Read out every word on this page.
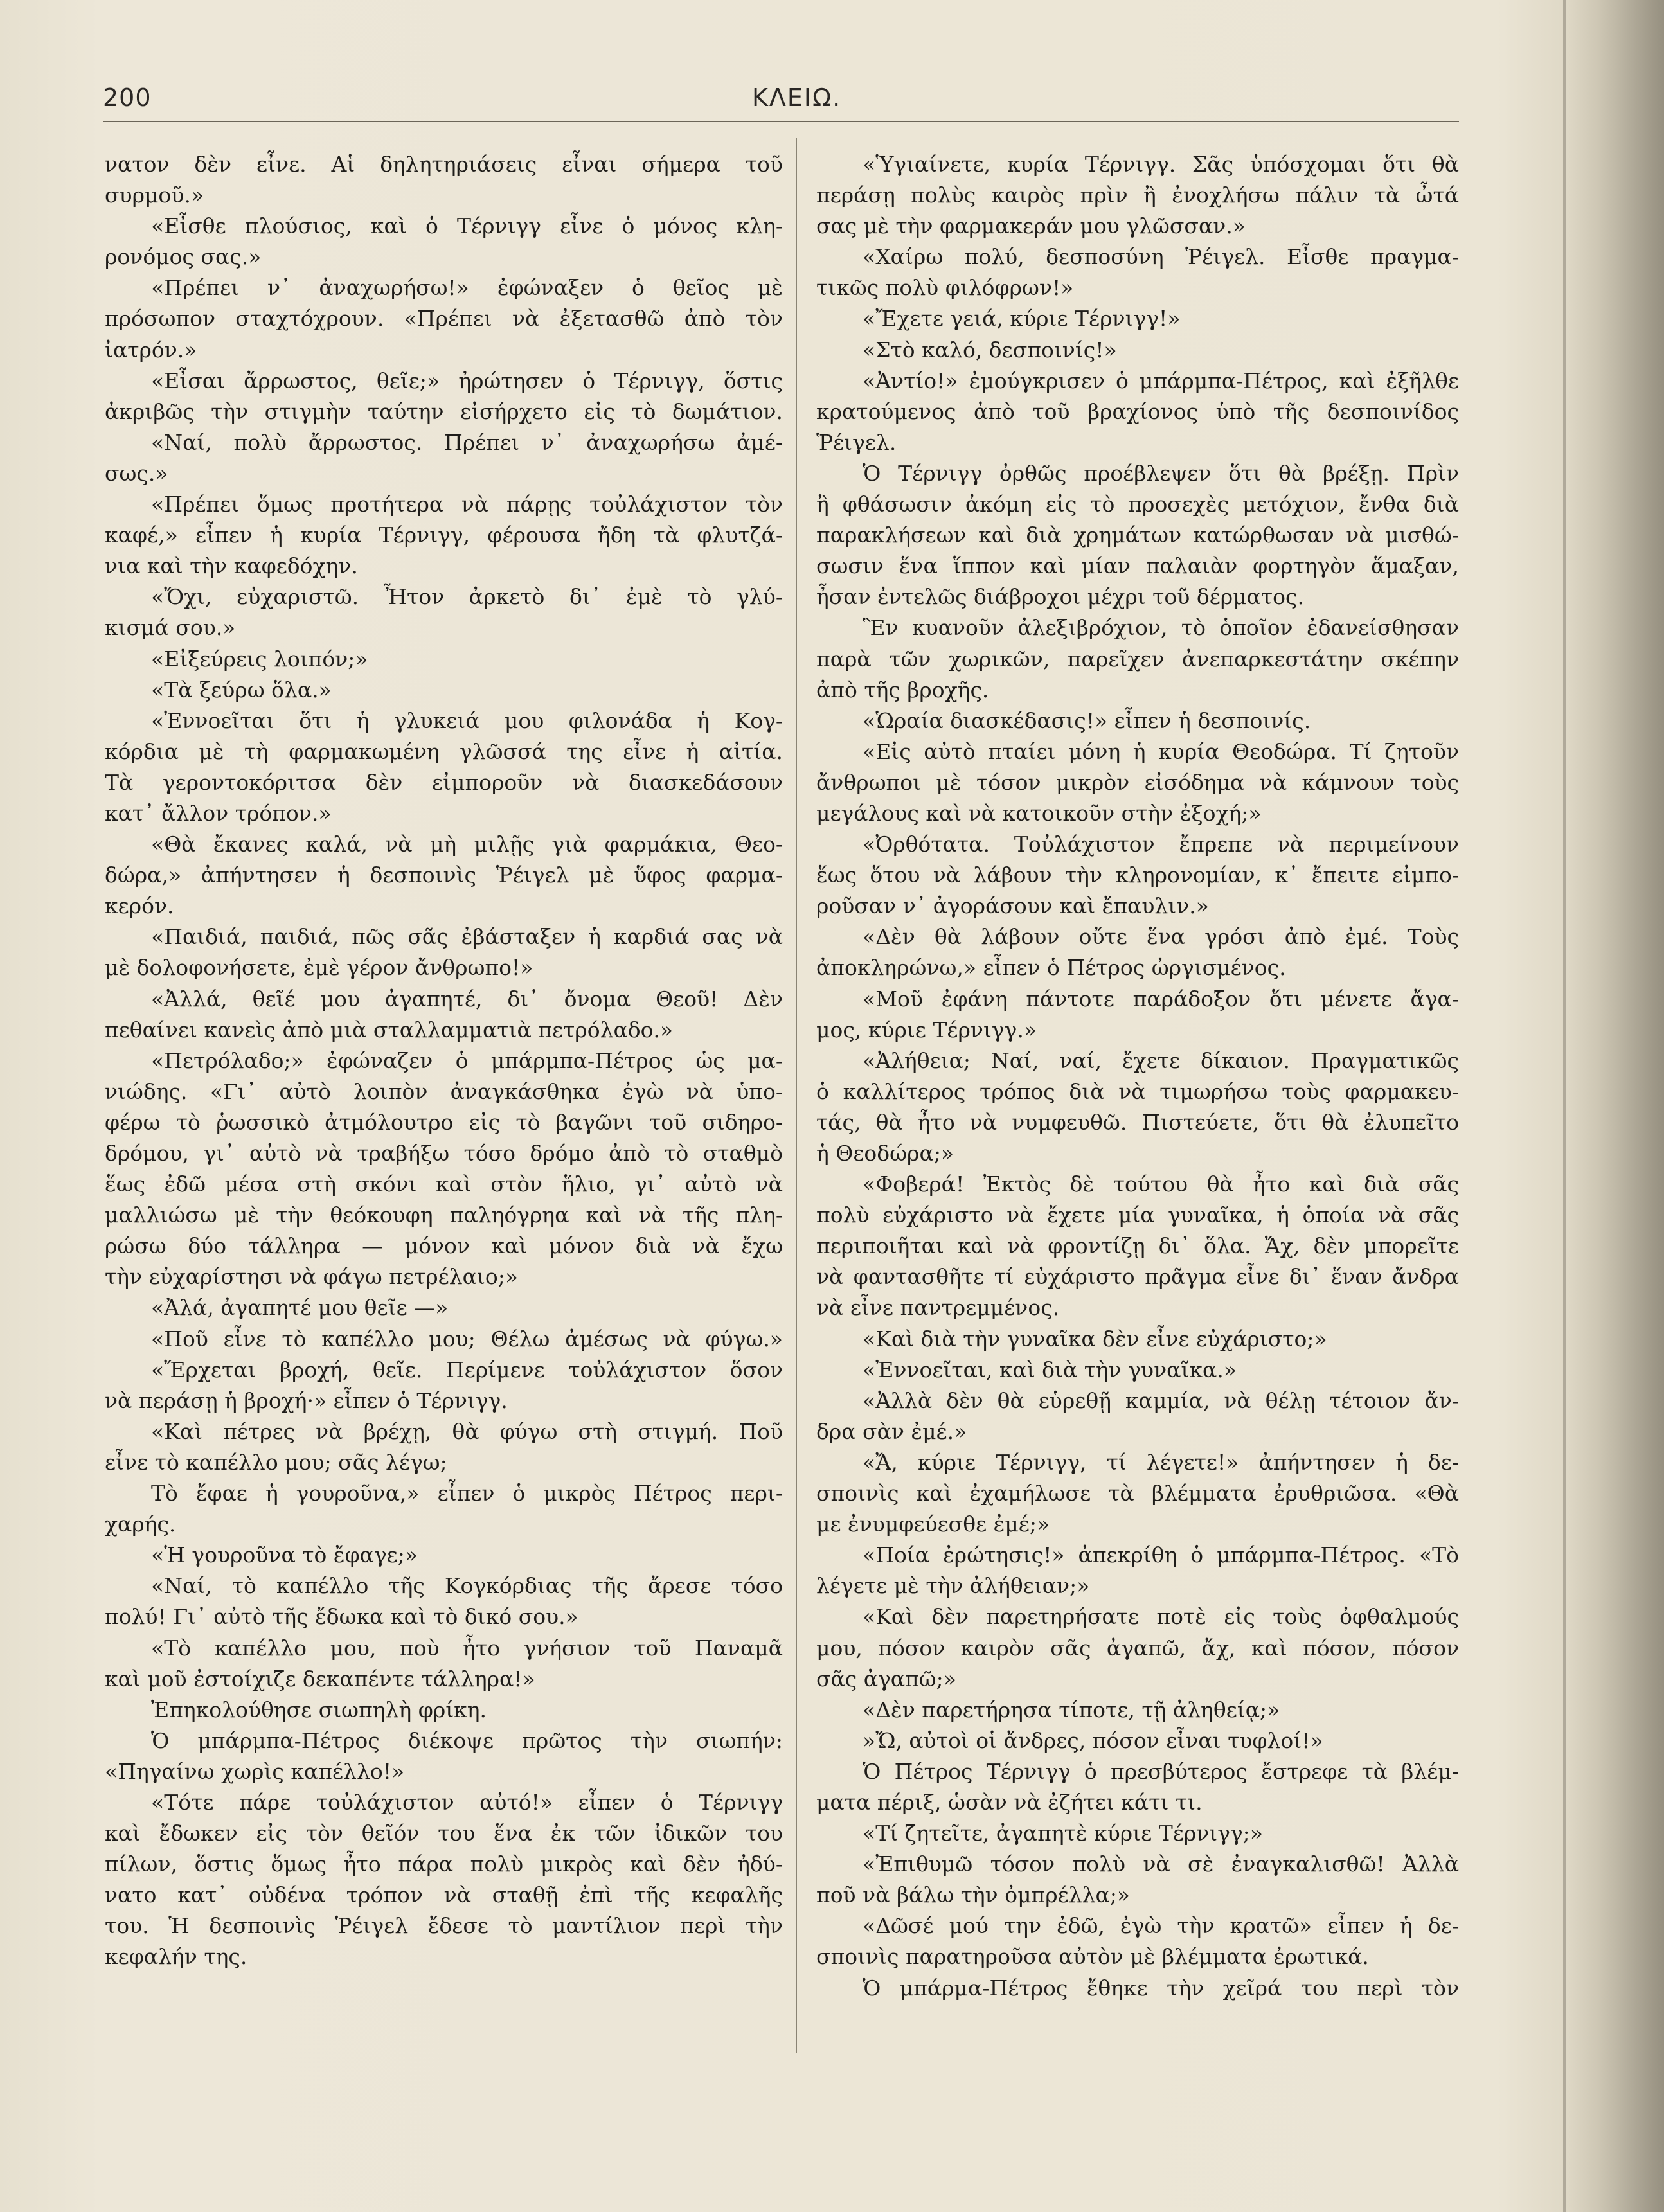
200	ΚΛΕΙΩ.
νατον δὲν εἶνε. Αἱ δηλητηριάσεις εἶναι σήμερα τοῦ
συρμοῦ.»
«Εἶσθε πλούσιος, καὶ ὁ Τέρνιγγ εἶνε ὁ μόνος κλη-
ρονόμος σας.»
«Πρέπει ν᾿ ἀναχωρήσω!» ἐφώναξεν ὁ θεῖος μὲ
πρόσωπον σταχτόχρουν. «Πρέπει νὰ ἐξετασθῶ ἀπὸ τὸν
ἰατρόν.»
«Εἶσαι ἄρρωστος, θεῖε;» ἠρώτησεν ὁ Τέρνιγγ, ὅστις
ἀκριβῶς τὴν στιγμὴν ταύτην εἰσήρχετο εἰς τὸ δωμάτιον.
«Ναί, πολὺ ἄρρωστος. Πρέπει ν᾿ ἀναχωρήσω ἀμέ-
σως.»
«Πρέπει ὅμως προτήτερα νὰ πάρῃς τοὐλάχιστον τὸν
καφέ,» εἶπεν ἡ κυρία Τέρνιγγ, φέρουσα ἤδη τὰ φλυτζά-
νια καὶ τὴν καφεδόχην.
«Ὄχι, εὐχαριστῶ. Ἦτον ἀρκετὸ δι᾿ ἐμὲ τὸ γλύ-
κισμά σου.»
«Εἰξεύρεις λοιπόν;»
«Τὰ ξεύρω ὅλα.»
«Ἐννοεῖται ὅτι ἡ γλυκειά μου φιλονάδα ἡ Κογ-
κόρδια μὲ τὴ φαρμακωμένη γλῶσσά της εἶνε ἡ αἰτία.
Τὰ γεροντοκόριτσα δὲν εἰμποροῦν νὰ διασκεδάσουν
κατ᾿ ἄλλον τρόπον.»
«Θὰ ἔκανες καλά, νὰ μὴ μιλῇς γιὰ φαρμάκια, Θεο-
δώρα,» ἀπήντησεν ἡ δεσποινὶς Ῥέιγελ μὲ ὕφος φαρμα-
κερόν.
«Παιδιά, παιδιά, πῶς σᾶς ἐβάσταξεν ἡ καρδιά σας νὰ
μὲ δολοφονήσετε, ἐμὲ γέρον ἄνθρωπο!»
«Ἀλλά, θεῖέ μου ἀγαπητέ, δι᾿ ὄνομα Θεοῦ! Δὲν
πεθαίνει κανεὶς ἀπὸ μιὰ σταλλαμματιὰ πετρόλαδο.»
«Πετρόλαδο;» ἐφώναζεν ὁ μπάρμπα-Πέτρος ὡς μα-
νιώδης. «Γι᾿ αὐτὸ λοιπὸν ἀναγκάσθηκα ἐγὼ νὰ ὑπο-
φέρω τὸ ῥωσσικὸ ἀτμόλουτρο εἰς τὸ βαγῶνι τοῦ σιδηρο-
δρόμου, γι᾿ αὐτὸ νὰ τραβήξω τόσο δρόμο ἀπὸ τὸ σταθμὸ
ἕως ἐδῶ μέσα στὴ σκόνι καὶ στὸν ἥλιο, γι᾿ αὐτὸ νὰ
μαλλιώσω μὲ τὴν θεόκουφη παληόγρηα καὶ νὰ τῆς πλη-
ρώσω δύο τάλληρα — μόνον καὶ μόνον διὰ νὰ ἔχω
τὴν εὐχαρίστησι νὰ φάγω πετρέλαιο;»
«Ἀλά, ἀγαπητέ μου θεῖε —»
«Ποῦ εἶνε τὸ καπέλλο μου; Θέλω ἀμέσως νὰ φύγω.»
«Ἔρχεται βροχή, θεῖε. Περίμενε τοὐλάχιστον ὅσον
νὰ περάσῃ ἡ βροχή·» εἶπεν ὁ Τέρνιγγ.
«Καὶ πέτρες νὰ βρέχῃ, θὰ φύγω στὴ στιγμή. Ποῦ
εἶνε τὸ καπέλλο μου; σᾶς λέγω;
Τὸ ἔφαε ἡ γουροῦνα,» εἶπεν ὁ μικρὸς Πέτρος περι-
χαρής.
«Ἡ γουροῦνα τὸ ἔφαγε;»
«Ναί, τὸ καπέλλο τῆς Κογκόρδιας τῆς ἄρεσε τόσο
πολύ! Γι᾿ αὐτὸ τῆς ἔδωκα καὶ τὸ δικό σου.»
«Τὸ καπέλλο μου, ποὺ ἦτο γνήσιον τοῦ Παναμᾶ
καὶ μοῦ ἐστοίχιζε δεκαπέντε τάλληρα!»
Ἐπηκολούθησε σιωπηλὴ φρίκη.
Ὁ μπάρμπα-Πέτρος διέκοψε πρῶτος τὴν σιωπήν:
«Πηγαίνω χωρὶς καπέλλο!»
«Τότε πάρε τοὐλάχιστον αὐτό!» εἶπεν ὁ Τέρνιγγ
καὶ ἔδωκεν εἰς τὸν θεῖόν του ἕνα ἐκ τῶν ἰδικῶν του
πίλων, ὅστις ὅμως ἦτο πάρα πολὺ μικρὸς καὶ δὲν ἠδύ-
νατο κατ᾿ οὐδένα τρόπον νὰ σταθῇ ἐπὶ τῆς κεφαλῆς
του. Ἡ δεσποινὶς Ῥέιγελ ἔδεσε τὸ μαντίλιον περὶ τὴν
κεφαλήν της.
«Ὑγιαίνετε, κυρία Τέρνιγγ. Σᾶς ὑπόσχομαι ὅτι θὰ
περάσῃ πολὺς καιρὸς πρὶν ἢ ἐνοχλήσω πάλιν τὰ ὦτά
σας μὲ τὴν φαρμακεράν μου γλῶσσαν.»
«Χαίρω πολύ, δεσποσύνη Ῥέιγελ. Εἶσθε πραγμα-
τικῶς πολὺ φιλόφρων!»
«Ἔχετε γειά, κύριε Τέρνιγγ!»
«Στὸ καλό, δεσποινίς!»
«Ἀντίο!» ἐμούγκρισεν ὁ μπάρμπα-Πέτρος, καὶ ἐξῆλθε
κρατούμενος ἀπὸ τοῦ βραχίονος ὑπὸ τῆς δεσποινίδος
Ῥέιγελ.
Ὁ Τέρνιγγ ὀρθῶς προέβλεψεν ὅτι θὰ βρέξῃ. Πρὶν
ἢ φθάσωσιν ἀκόμη εἰς τὸ προσεχὲς μετόχιον, ἔνθα διὰ
παρακλήσεων καὶ διὰ χρημάτων κατώρθωσαν νὰ μισθώ-
σωσιν ἕνα ἵππον καὶ μίαν παλαιὰν φορτηγὸν ἅμαξαν,
ἦσαν ἐντελῶς διάβροχοι μέχρι τοῦ δέρματος.
Ἓν κυανοῦν ἀλεξιβρόχιον, τὸ ὁποῖον ἐδανείσθησαν
παρὰ τῶν χωρικῶν, παρεῖχεν ἀνεπαρκεστάτην σκέπην
ἀπὸ τῆς βροχῆς.
«Ὡραία διασκέδασις!» εἶπεν ἡ δεσποινίς.
«Εἰς αὐτὸ πταίει μόνη ἡ κυρία Θεοδώρα. Τί ζητοῦν
ἄνθρωποι μὲ τόσον μικρὸν εἰσόδημα νὰ κάμνουν τοὺς
μεγάλους καὶ νὰ κατοικοῦν στὴν ἐξοχή;»
«Ὀρθότατα. Τοὐλάχιστον ἔπρεπε νὰ περιμείνουν
ἕως ὅτου νὰ λάβουν τὴν κληρονομίαν, κ᾿ ἔπειτε εἰμπο-
ροῦσαν ν᾿ ἀγοράσουν καὶ ἔπαυλιν.»
«Δὲν θὰ λάβουν οὔτε ἕνα γρόσι ἀπὸ ἐμέ. Τοὺς
ἀποκληρώνω,» εἶπεν ὁ Πέτρος ὠργισμένος.
«Μοῦ ἐφάνη πάντοτε παράδοξον ὅτι μένετε ἄγα-
μος, κύριε Τέρνιγγ.»
«Ἀλήθεια; Ναί, ναί, ἔχετε δίκαιον. Πραγματικῶς
ὁ καλλίτερος τρόπος διὰ νὰ τιμωρήσω τοὺς φαρμακευ-
τάς, θὰ ἦτο νὰ νυμφευθῶ. Πιστεύετε, ὅτι θὰ ἐλυπεῖτο
ἡ Θεοδώρα;»
«Φοβερά! Ἐκτὸς δὲ τούτου θὰ ἦτο καὶ διὰ σᾶς
πολὺ εὐχάριστο νὰ ἔχετε μία γυναῖκα, ἡ ὁποία νὰ σᾶς
περιποιῆται καὶ νὰ φροντίζῃ δι᾿ ὅλα. Ἄχ, δὲν μπορεῖτε
νὰ φαντασθῆτε τί εὐχάριστο πρᾶγμα εἶνε δι᾿ ἕναν ἄνδρα
νὰ εἶνε παντρεμμένος.
«Καὶ διὰ τὴν γυναῖκα δὲν εἶνε εὐχάριστο;»
«Ἐννοεῖται, καὶ διὰ τὴν γυναῖκα.»
«Ἀλλὰ δὲν θὰ εὑρεθῇ καμμία, νὰ θέλῃ τέτοιον ἄν-
δρα σὰν ἐμέ.»
«Ἄ, κύριε Τέρνιγγ, τί λέγετε!» ἀπήντησεν ἡ δε-
σποινὶς καὶ ἐχαμήλωσε τὰ βλέμματα ἐρυθριῶσα. «Θὰ
με ἐνυμφεύεσθε ἐμέ;»
«Ποία ἐρώτησις!» ἀπεκρίθη ὁ μπάρμπα-Πέτρος. «Τὸ
λέγετε μὲ τὴν ἀλήθειαν;»
«Καὶ δὲν παρετηρήσατε ποτὲ εἰς τοὺς ὀφθαλμούς
μου, πόσον καιρὸν σᾶς ἀγαπῶ, ἄχ, καὶ πόσον, πόσον
σᾶς ἀγαπῶ;»
«Δὲν παρετήρησα τίποτε, τῇ ἀληθείᾳ;»
»Ὤ, αὐτοὶ οἱ ἄνδρες, πόσον εἶναι τυφλοί!»
Ὁ Πέτρος Τέρνιγγ ὁ πρεσβύτερος ἔστρεφε τὰ βλέμ-
ματα πέριξ, ὡσὰν νὰ ἐζήτει κάτι τι.
«Τί ζητεῖτε, ἀγαπητὲ κύριε Τέρνιγγ;»
«Ἐπιθυμῶ τόσον πολὺ νὰ σὲ ἐναγκαλισθῶ! Ἀλλὰ
ποῦ νὰ βάλω τὴν ὀμπρέλλα;»
«Δῶσέ μού την ἐδῶ, ἐγὼ τὴν κρατῶ» εἶπεν ἡ δε-
σποινὶς παρατηροῦσα αὐτὸν μὲ βλέμματα ἐρωτικά.
Ὁ μπάρμα-Πέτρος ἔθηκε τὴν χεῖρά του περὶ τὸν
